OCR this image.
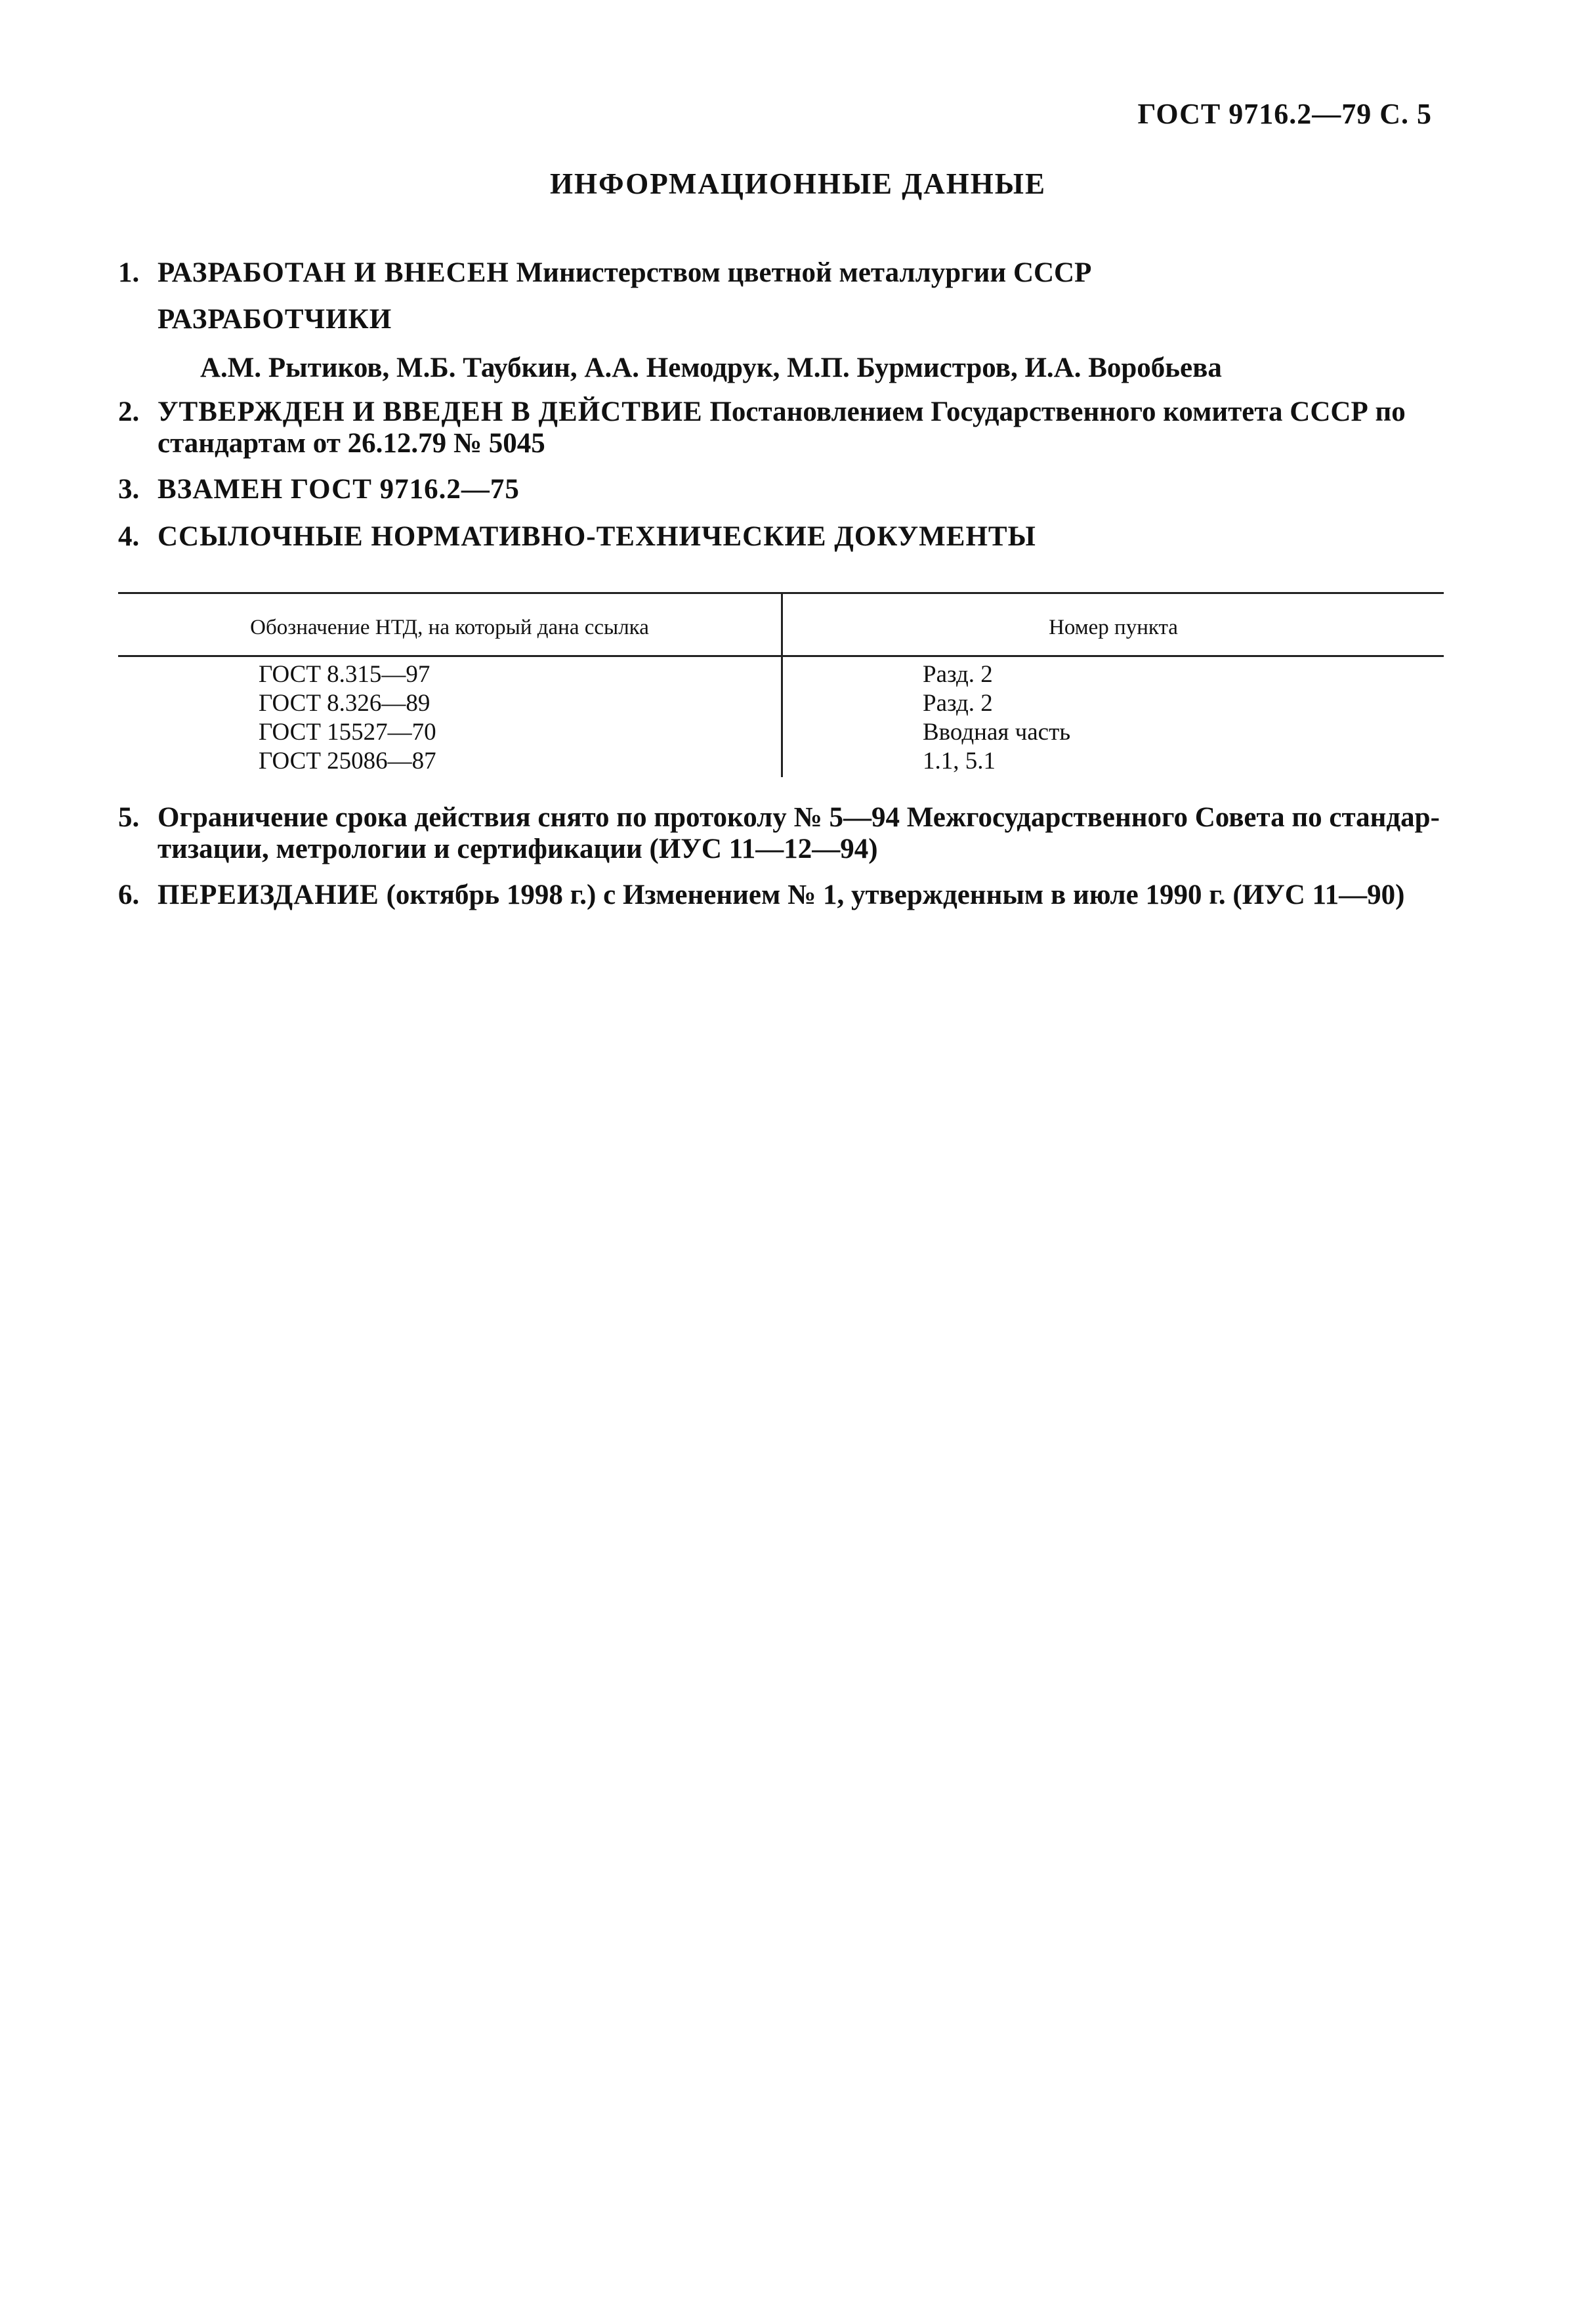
ГОСТ 9716.2—79 С. 5
ИНФОРМАЦИОННЫЕ ДАННЫЕ
1. РАЗРАБОТАН И ВНЕСЕН Министерством цветной металлургии СССР
РАЗРАБОТЧИКИ
А.М. Рытиков, М.Б. Таубкин, А.А. Немодрук, М.П. Бурмистров, И.А. Воробьева
2. УТВЕРЖДЕН И ВВЕДЕН В ДЕЙСТВИЕ Постановлением Государственного комитета СССР по стандартам от 26.12.79 № 5045
3. ВЗАМЕН ГОСТ 9716.2—75
4. ССЫЛОЧНЫЕ НОРМАТИВНО-ТЕХНИЧЕСКИЕ ДОКУМЕНТЫ
Обозначение НТД, на который дана ссылка	Номер пункта
ГОСТ 8.315—97	Разд. 2
ГОСТ 8.326—89	Разд. 2
ГОСТ 15527—70	Вводная часть
ГОСТ 25086—87	1.1, 5.1
5. Ограничение срока действия снято по протоколу № 5—94 Межгосударственного Совета по стандар-тизации, метрологии и сертификации (ИУС 11—12—94)
6. ПЕРЕИЗДАНИЕ (октябрь 1998 г.) с Изменением № 1, утвержденным в июле 1990 г. (ИУС 11—90)
